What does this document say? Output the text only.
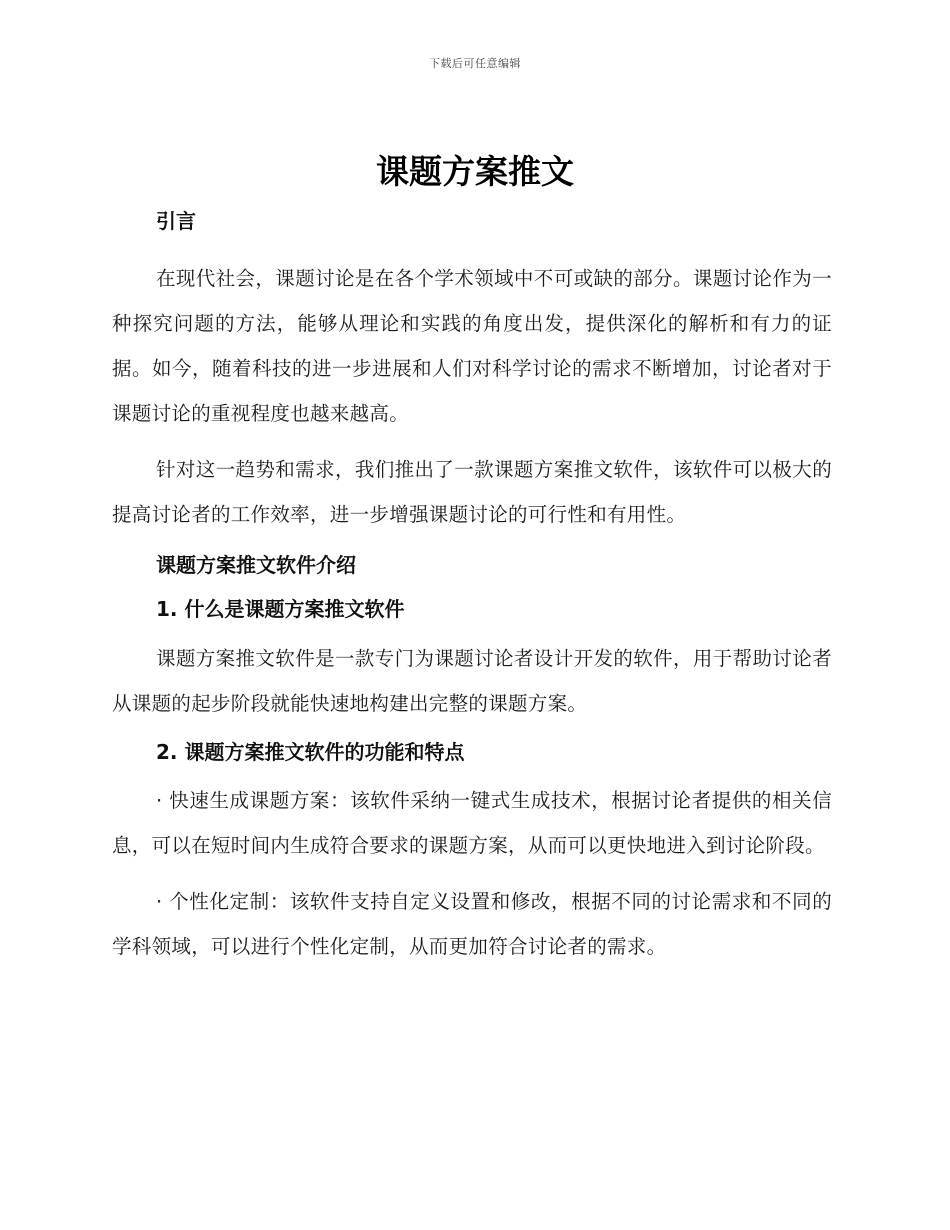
下载后可任意编辑
课题方案推文
引言

在现代社会，课题讨论是在各个学术领域中不可或缺的部分。课题讨论作为一种探究问题的方法，能够从理论和实践的角度出发，提供深化的解析和有力的证据。如今，随着科技的进一步进展和人们对科学讨论的需求不断增加，讨论者对于课题讨论的重视程度也越来越高。

针对这一趋势和需求，我们推出了一款课题方案推文软件，该软件可以极大的提高讨论者的工作效率，进一步增强课题讨论的可行性和有用性。

课题方案推文软件介绍
1. 什么是课题方案推文软件

课题方案推文软件是一款专门为课题讨论者设计开发的软件，用于帮助讨论者从课题的起步阶段就能快速地构建出完整的课题方案。

2. 课题方案推文软件的功能和特点

· 快速生成课题方案：该软件采纳一键式生成技术，根据讨论者提供的相关信息，可以在短时间内生成符合要求的课题方案，从而可以更快地进入到讨论阶段。

· 个性化定制：该软件支持自定义设置和修改，根据不同的讨论需求和不同的学科领域，可以进行个性化定制，从而更加符合讨论者的需求。
